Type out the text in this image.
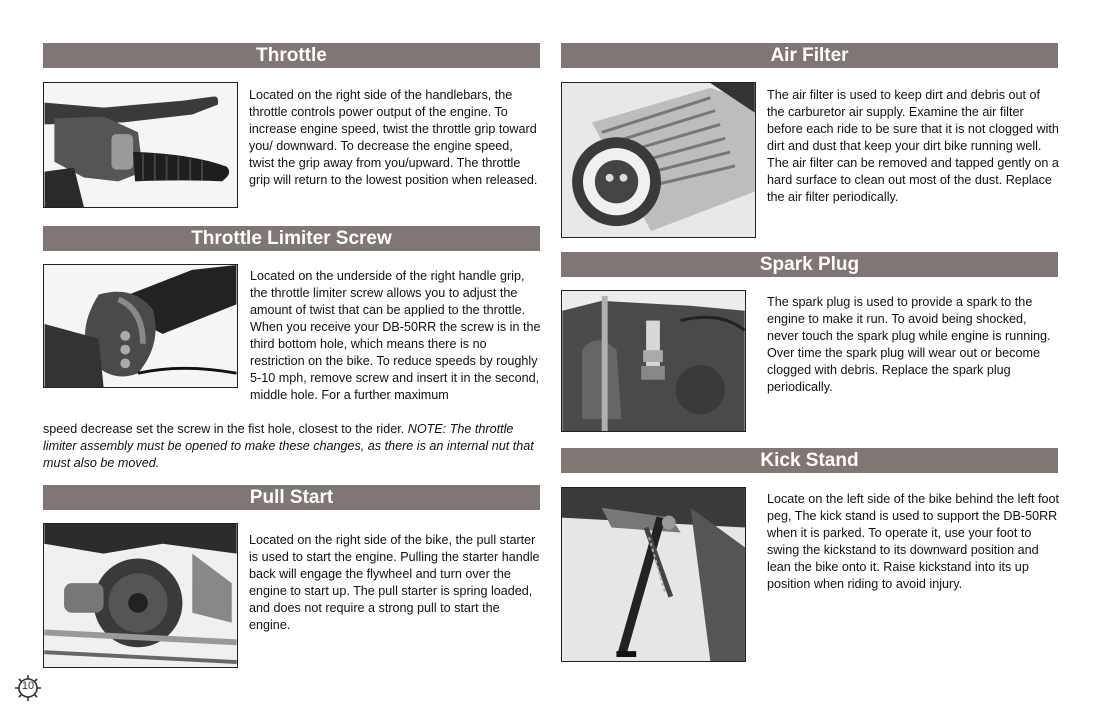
Throttle
Located on the right side of the handlebars, the throttle controls power output of the engine. To increase engine speed, twist the throttle grip toward you/ downward. To decrease the engine speed, twist the grip away from you/upward. The throttle grip will return to the lowest position when released.
Throttle Limiter Screw
Located on the underside of the right handle grip, the throttle limiter screw allows you to adjust the amount of twist that can be applied to the throttle. When you receive your DB-50RR the screw is in the third bottom hole, which means there is no restriction on the bike. To reduce speeds by roughly 5-10 mph, remove screw and insert it in the second, middle hole. For a further maximum
speed decrease set the screw in the fist hole, closest to the rider. NOTE: The throttle limiter assembly must be opened to make these changes, as there is an internal nut that must also be moved.
Pull Start
Located on the right side of the bike, the pull starter is used to start the engine. Pulling the starter handle back will engage the flywheel and turn over the engine to start up. The pull starter is spring loaded, and does not require a strong pull to start the engine.
Air Filter
The air filter is used to keep dirt and debris out of the carburetor air supply. Examine the air filter before each ride to be sure that it is not clogged with dirt and dust that keep your dirt bike running well. The air filter can be removed and tapped gently on a hard surface to clean out most of the dust. Replace the air filter periodically.
Spark Plug
The spark plug is used to provide a spark to the engine to make it run. To avoid being shocked, never touch the spark plug while engine is running. Over time the spark plug will wear out or become clogged with debris. Replace the spark plug periodically.
Kick Stand
Locate on the left side of the bike behind the left foot peg, The kick stand is used to support the DB-50RR when it is parked. To operate it, use your foot to swing the kickstand to its downward position and lean the bike onto it. Raise kickstand into its up position when riding to avoid injury.
10
